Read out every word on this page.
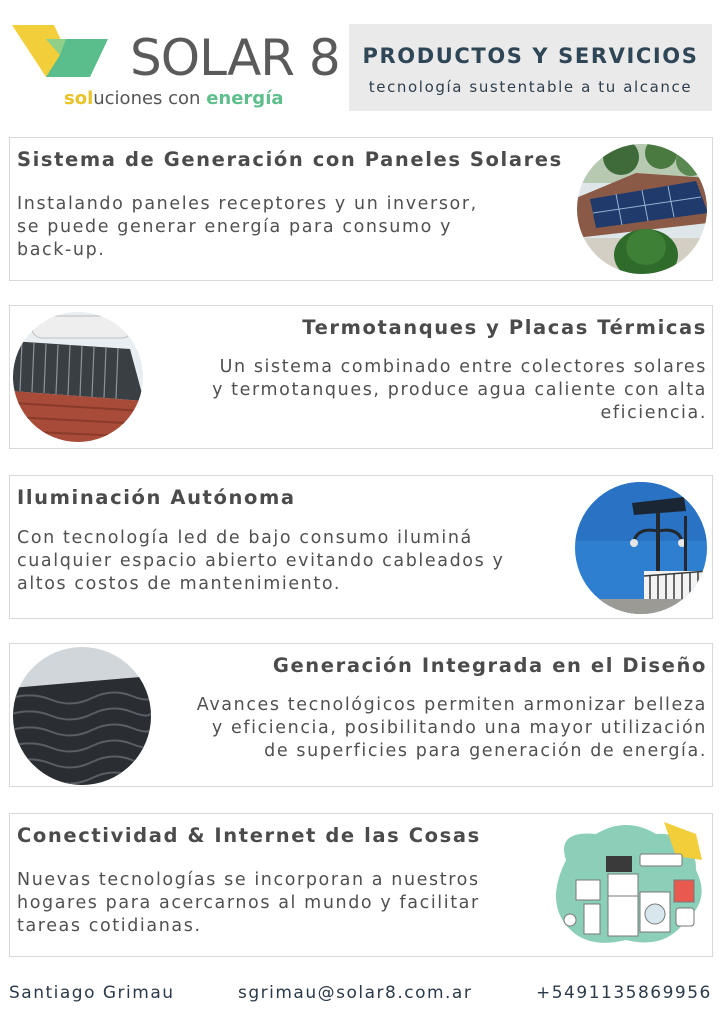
SOLAR 8
soluciones con energía
PRODUCTOS Y SERVICIOS
tecnología sustentable a tu alcance
Sistema de Generación con Paneles Solares
Instalando paneles receptores y un inversor,
se puede generar energía para consumo y
back-up.
Termotanques y Placas Térmicas
Un sistema combinado entre colectores solares
y termotanques, produce agua caliente con alta
eficiencia.
Iluminación Autónoma
Con tecnología led de bajo consumo iluminá
cualquier espacio abierto evitando cableados y
altos costos de mantenimiento.
Generación Integrada en el Diseño
Avances tecnológicos permiten armonizar belleza
y eficiencia, posibilitando una mayor utilización
de superficies para generación de energía.
Conectividad & Internet de las Cosas
Nuevas tecnologías se incorporan a nuestros
hogares para acercarnos al mundo y facilitar
tareas cotidianas.
Santiago Grimau	sgrimau@solar8.com.ar	+5491135869956
